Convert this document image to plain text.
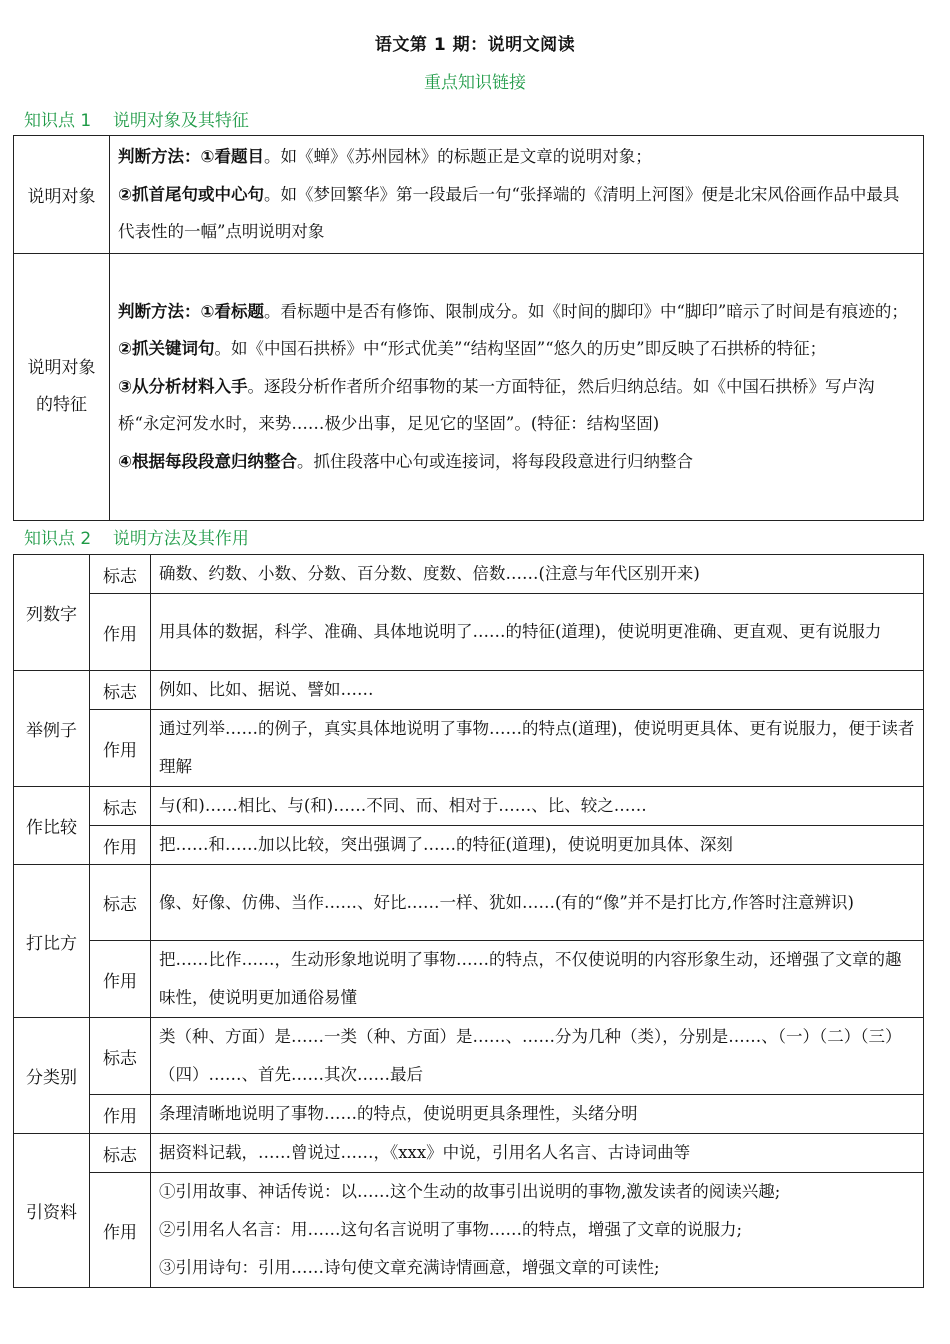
语文第 1 期：说明文阅读
重点知识链接
知识点 1    说明对象及其特征
说明对象	判断方法：①看题目。如《蝉》《苏州园林》的标题正是文章的说明对象；

②抓首尾句或中心句。如《梦回繁华》第一段最后一句“张择端的《清明上河图》便是北宋风俗画作品中最具代表性的一幅”点明说明对象

说明对象的特征	判断方法：①看标题。看标题中是否有修饰、限制成分。如《时间的脚印》中“脚印”暗示了时间是有痕迹的；

②抓关键词句。如《中国石拱桥》中“形式优美”“结构坚固”“悠久的历史”即反映了石拱桥的特征；

③从分析材料入手。逐段分析作者所介绍事物的某一方面特征，然后归纳总结。如《中国石拱桥》写卢沟桥“永定河发水时，来势……极少出事，足见它的坚固”。(特征：结构坚固)

④根据每段段意归纳整合。抓住段落中心句或连接词，将每段段意进行归纳整合

知识点 2    说明方法及其作用
列数字	标志	确数、约数、小数、分数、百分数、度数、倍数……(注意与年代区别开来)
	作用	用具体的数据，科学、准确、具体地说明了……的特征(道理)，使说明更准确、更直观、更有说服力
举例子	标志	例如、比如、据说、譬如……
	作用	通过列举……的例子，真实具体地说明了事物……的特点(道理)，使说明更具体、更有说服力，便于读者理解
作比较	标志	与(和)……相比、与(和)……不同、而、相对于……、比、较之……
	作用	把……和……加以比较，突出强调了……的特征(道理)，使说明更加具体、深刻
打比方	标志	像、好像、仿佛、当作……、好比……一样、犹如……(有的“像”并不是打比方,作答时注意辨识)
	作用	把……比作……，生动形象地说明了事物……的特点，不仅使说明的内容形象生动，还增强了文章的趣味性，使说明更加通俗易懂
分类别	标志	类（种、方面）是……一类（种、方面）是……、……分为几种（类），分别是……、（一）（二）（三）（四）……、首先……其次……最后
	作用	条理清晰地说明了事物……的特点，使说明更具条理性，头绪分明
引资料	标志	据资料记载，……曾说过……，《xxx》中说，引用名人名言、古诗词曲等
	作用	①引用故事、神话传说：以……这个生动的故事引出说明的事物,激发读者的阅读兴趣;
②引用名人名言：用……这句名言说明了事物……的特点，增强了文章的说服力;
③引用诗句：引用……诗句使文章充满诗情画意，增强文章的可读性;
